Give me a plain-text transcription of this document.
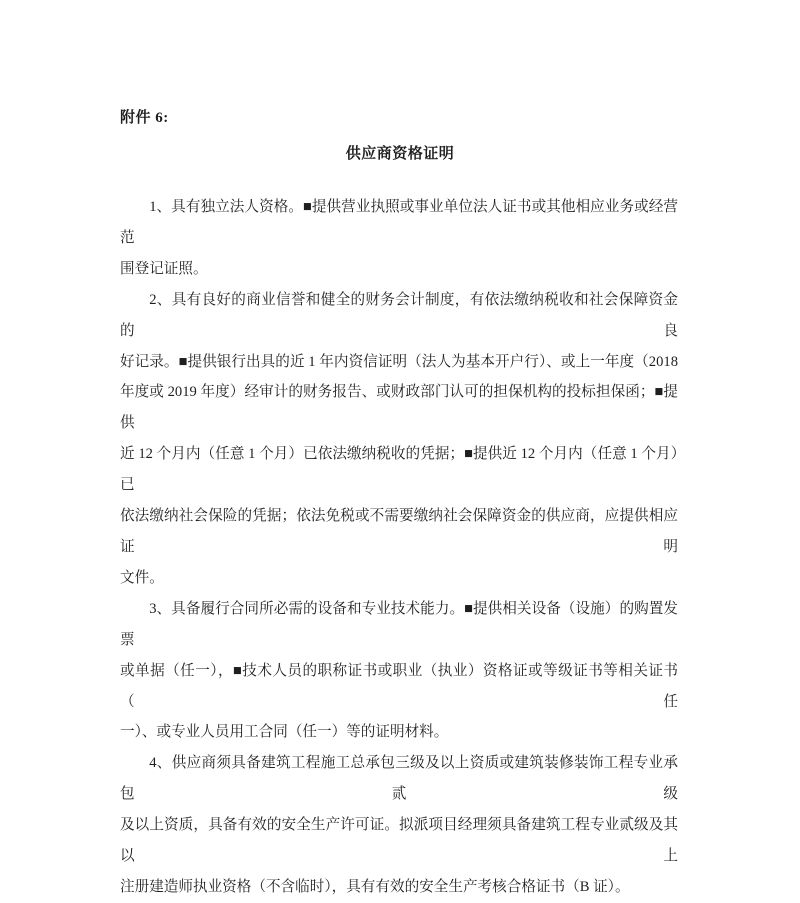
附件 6:
供应商资格证明
1、具有独立法人资格。■提供营业执照或事业单位法人证书或其他相应业务或经营范
围登记证照。
2、具有良好的商业信誉和健全的财务会计制度，有依法缴纳税收和社会保障资金的良
好记录。■提供银行出具的近 1 年内资信证明（法人为基本开户行）、或上一年度（2018
年度或 2019 年度）经审计的财务报告、或财政部门认可的担保机构的投标担保函；■提供
近 12 个月内（任意 1 个月）已依法缴纳税收的凭据；■提供近 12 个月内（任意 1 个月）已
依法缴纳社会保险的凭据；依法免税或不需要缴纳社会保障资金的供应商，应提供相应证明
文件。
3、具备履行合同所必需的设备和专业技术能力。■提供相关设备（设施）的购置发票
或单据（任一），■技术人员的职称证书或职业（执业）资格证或等级证书等相关证书（任
一）、或专业人员用工合同（任一）等的证明材料。
4、供应商须具备建筑工程施工总承包三级及以上资质或建筑装修装饰工程专业承包贰级
及以上资质，具备有效的安全生产许可证。拟派项目经理须具备建筑工程专业贰级及其以上
注册建造师执业资格（不含临时），具有有效的安全生产考核合格证书（B 证）。
